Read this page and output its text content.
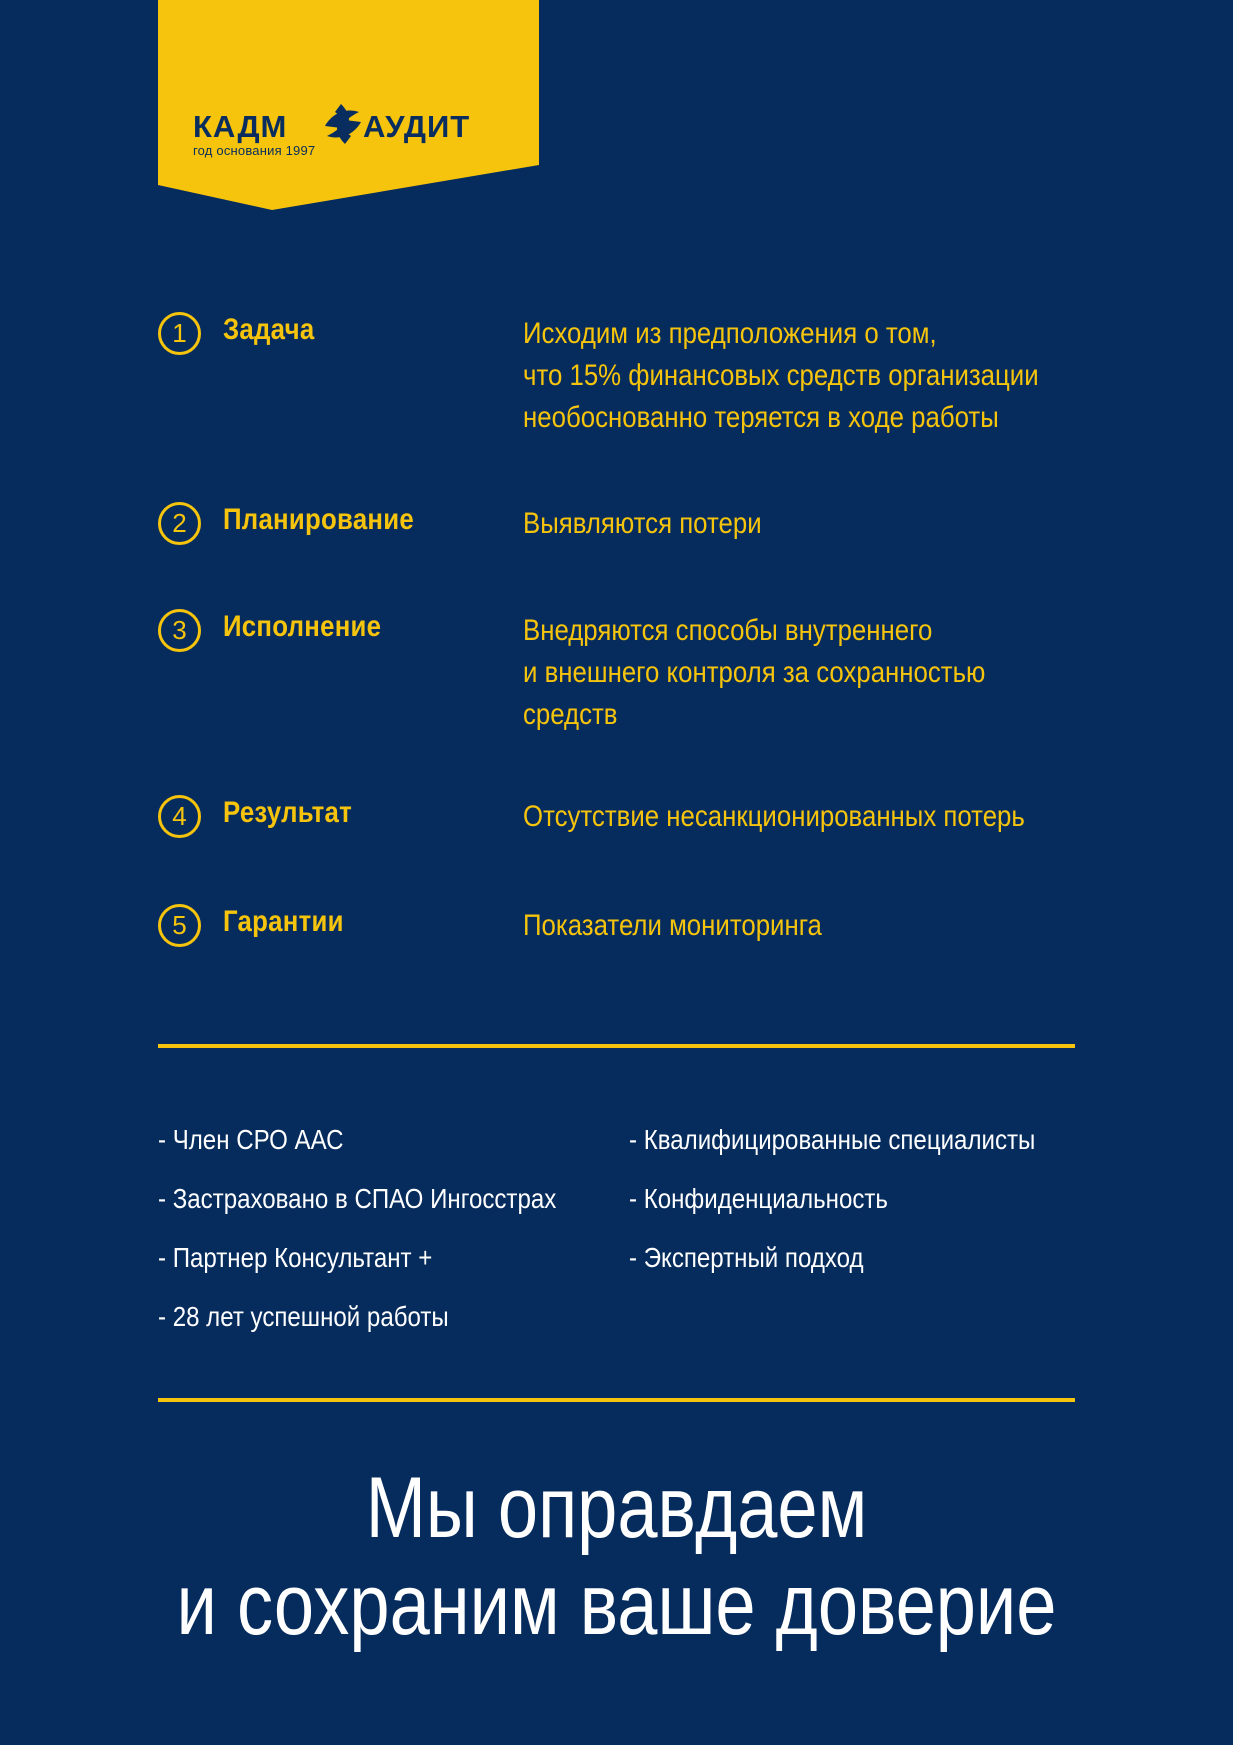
КАДМ АУДИТ
год основания 1997
1	Задача	Исходим из предположения о том,
что 15% финансовых средств организации
необоснованно теряется в ходе работы
2	Планирование	Выявляются потери
3	Исполнение	Внедряются способы внутреннего
и внешнего контроля за сохранностью
средств
4	Результат	Отсутствие несанкционированных потерь
5	Гарантии	Показатели мониторинга
- Член СРО ААС
- Застраховано в СПАО Ингосстрах
- Партнер Консультант +
- 28 лет успешной работы
- Квалифицированные специалисты
- Конфиденциальность
- Экспертный подход
Мы оправдаем
и сохраним ваше доверие
